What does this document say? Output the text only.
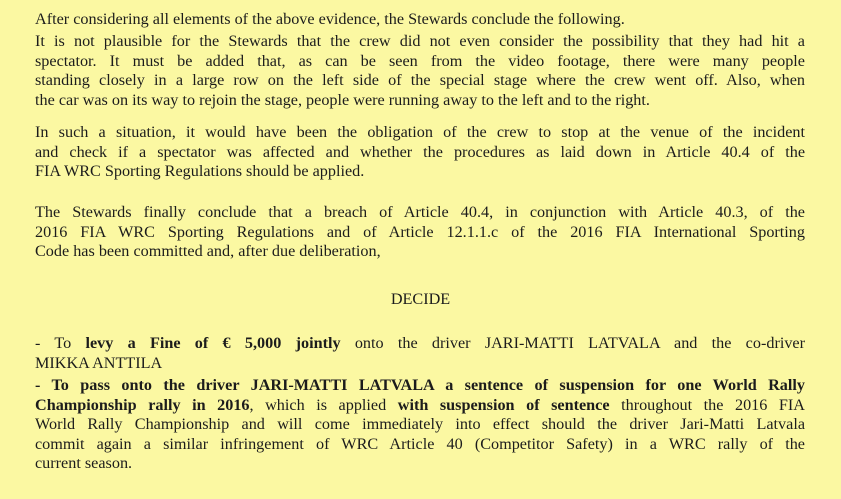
After considering all elements of the above evidence, the Stewards conclude the following.
It is not plausible for the Stewards that the crew did not even consider the possibility that they had hit a
spectator. It must be added that, as can be seen from the video footage, there were many people
standing closely in a large row on the left side of the special stage where the crew went off. Also, when
the car was on its way to rejoin the stage, people were running away to the left and to the right.
In such a situation, it would have been the obligation of the crew to stop at the venue of the incident
and check if a spectator was affected and whether the procedures as laid down in Article 40.4 of the
FIA WRC Sporting Regulations should be applied.
The Stewards finally conclude that a breach of Article 40.4, in conjunction with Article 40.3, of the
2016 FIA WRC Sporting Regulations and of Article 12.1.1.c of the 2016 FIA International Sporting
Code has been committed and, after due deliberation,
DECIDE
- To levy a Fine of € 5,000 jointly onto the driver JARI-MATTI LATVALA and the co-driver
MIKKA ANTTILA
- To pass onto the driver JARI-MATTI LATVALA a sentence of suspension for one World Rally
Championship rally in 2016, which is applied with suspension of sentence throughout the 2016 FIA
World Rally Championship and will come immediately into effect should the driver Jari-Matti Latvala
commit again a similar infringement of WRC Article 40 (Competitor Safety) in a WRC rally of the
current season.
